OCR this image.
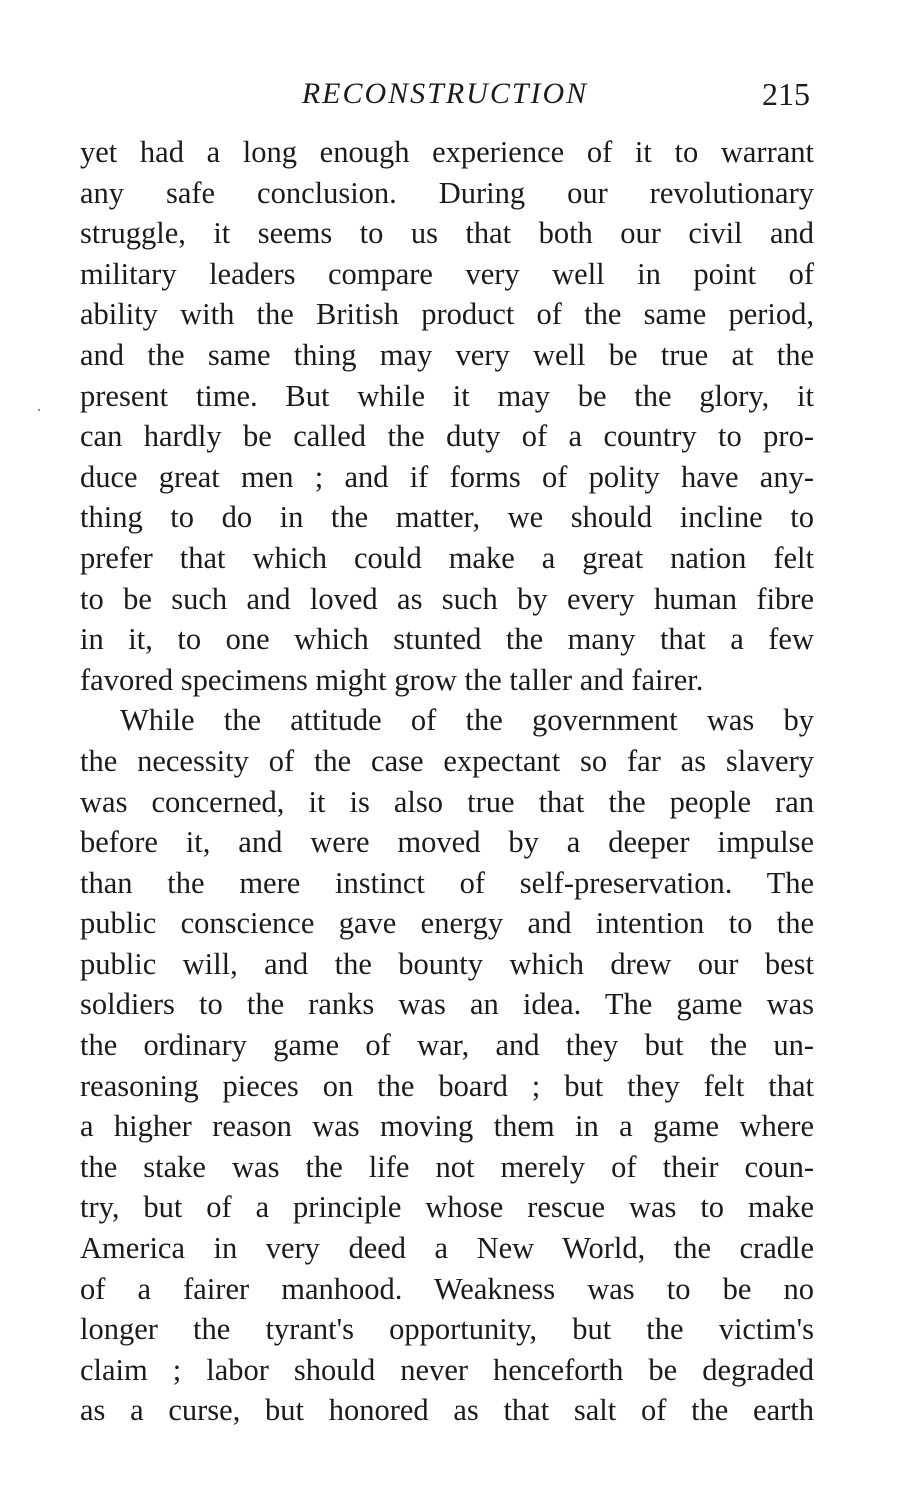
RECONSTRUCTION	215
yet had a long enough experience of it to warrant
any safe conclusion. During our revolutionary
struggle, it seems to us that both our civil and
military leaders compare very well in point of
ability with the British product of the same period,
and the same thing may very well be true at the
present time. But while it may be the glory, it
can hardly be called the duty of a country to pro-
duce great men ; and if forms of polity have any-
thing to do in the matter, we should incline to
prefer that which could make a great nation felt
to be such and loved as such by every human fibre
in it, to one which stunted the many that a few
favored specimens might grow the taller and fairer.
While the attitude of the government was by
the necessity of the case expectant so far as slavery
was concerned, it is also true that the people ran
before it, and were moved by a deeper impulse
than the mere instinct of self-preservation. The
public conscience gave energy and intention to the
public will, and the bounty which drew our best
soldiers to the ranks was an idea. The game was
the ordinary game of war, and they but the un-
reasoning pieces on the board ; but they felt that
a higher reason was moving them in a game where
the stake was the life not merely of their coun-
try, but of a principle whose rescue was to make
America in very deed a New World, the cradle
of a fairer manhood. Weakness was to be no
longer the tyrant's opportunity, but the victim's
claim ; labor should never henceforth be degraded
as a curse, but honored as that salt of the earth
